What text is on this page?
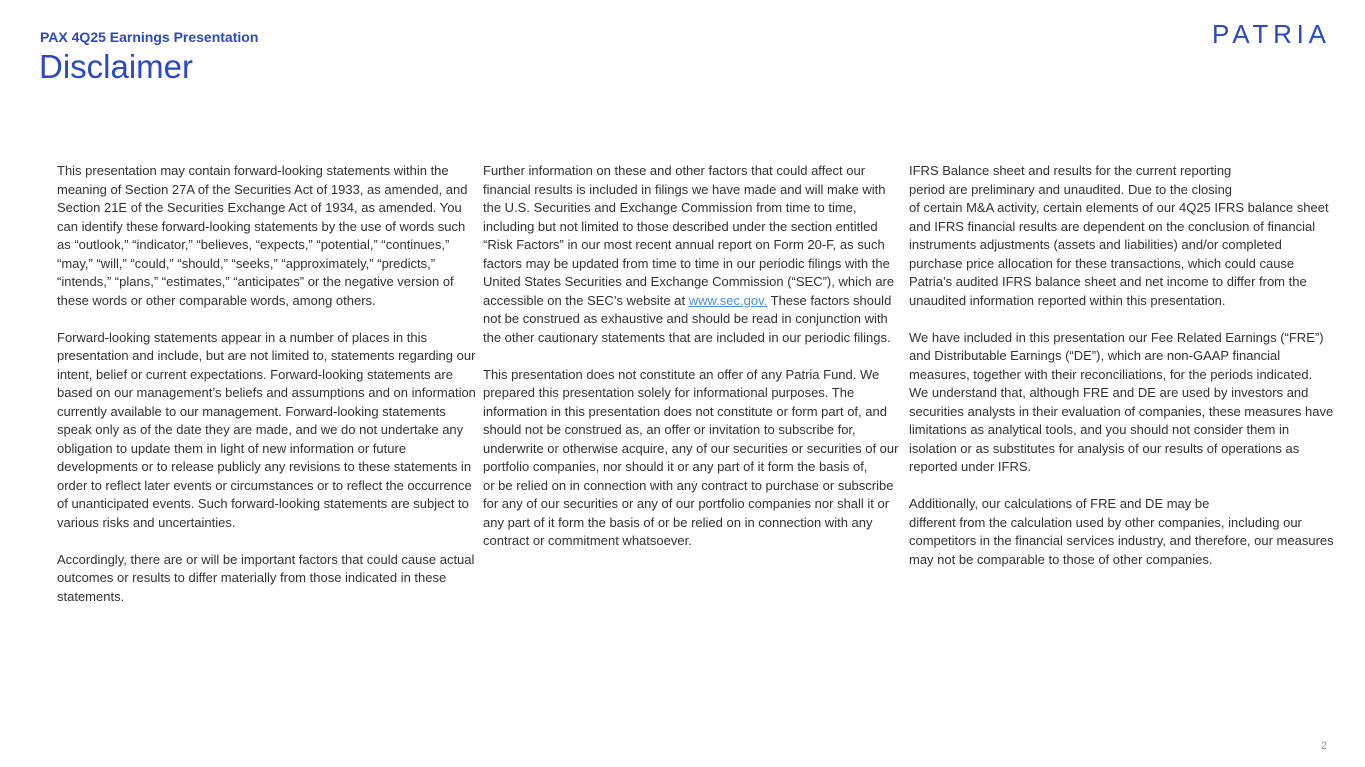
PAX 4Q25 Earnings Presentation
Disclaimer
PATRIA

This presentation may contain forward-looking statements within the meaning of Section 27A of the Securities Act of 1933, as amended, and Section 21E of the Securities Exchange Act of 1934, as amended. You can identify these forward-looking statements by the use of words such as “outlook,” “indicator,” “believes, “expects,” “potential,” “continues,” “may,” “will,” “could,” “should,” “seeks,” “approximately,” “predicts,” “intends,” “plans,” “estimates,” “anticipates” or the negative version of these words or other comparable words, among others.

Forward-looking statements appear in a number of places in this presentation and include, but are not limited to, statements regarding our intent, belief or current expectations. Forward-looking statements are based on our management’s beliefs and assumptions and on information currently available to our management. Forward-looking statements speak only as of the date they are made, and we do not undertake any obligation to update them in light of new information or future developments or to release publicly any revisions to these statements in order to reflect later events or circumstances or to reflect the occurrence of unanticipated events. Such forward-looking statements are subject to various risks and uncertainties.

Accordingly, there are or will be important factors that could cause actual outcomes or results to differ materially from those indicated in these statements.

Further information on these and other factors that could affect our financial results is included in filings we have made and will make with the U.S. Securities and Exchange Commission from time to time, including but not limited to those described under the section entitled “Risk Factors” in our most recent annual report on Form 20-F, as such factors may be updated from time to time in our periodic filings with the United States Securities and Exchange Commission (“SEC”), which are accessible on the SEC’s website at www.sec.gov. These factors should not be construed as exhaustive and should be read in conjunction with the other cautionary statements that are included in our periodic filings.

This presentation does not constitute an offer of any Patria Fund. We prepared this presentation solely for informational purposes. The information in this presentation does not constitute or form part of, and should not be construed as, an offer or invitation to subscribe for, underwrite or otherwise acquire, any of our securities or securities of our portfolio companies, nor should it or any part of it form the basis of,
or be relied on in connection with any contract to purchase or subscribe for any of our securities or any of our portfolio companies nor shall it or any part of it form the basis of or be relied on in connection with any contract or commitment whatsoever.

IFRS Balance sheet and results for the current reporting
period are preliminary and unaudited. Due to the closing
of certain M&A activity, certain elements of our 4Q25 IFRS balance sheet and IFRS financial results are dependent on the conclusion of financial instruments adjustments (assets and liabilities) and/or completed purchase price allocation for these transactions, which could cause Patria’s audited IFRS balance sheet and net income to differ from the
unaudited information reported within this presentation.

We have included in this presentation our Fee Related Earnings (“FRE”) and Distributable Earnings (“DE”), which are non-GAAP financial measures, together with their reconciliations, for the periods indicated. We understand that, although FRE and DE are used by investors and securities analysts in their evaluation of companies, these measures have limitations as analytical tools, and you should not consider them in isolation or as substitutes for analysis of our results of operations as reported under IFRS.

Additionally, our calculations of FRE and DE may be
different from the calculation used by other companies, including our competitors in the financial services industry, and therefore, our measures may not be comparable to those of other companies.

2
